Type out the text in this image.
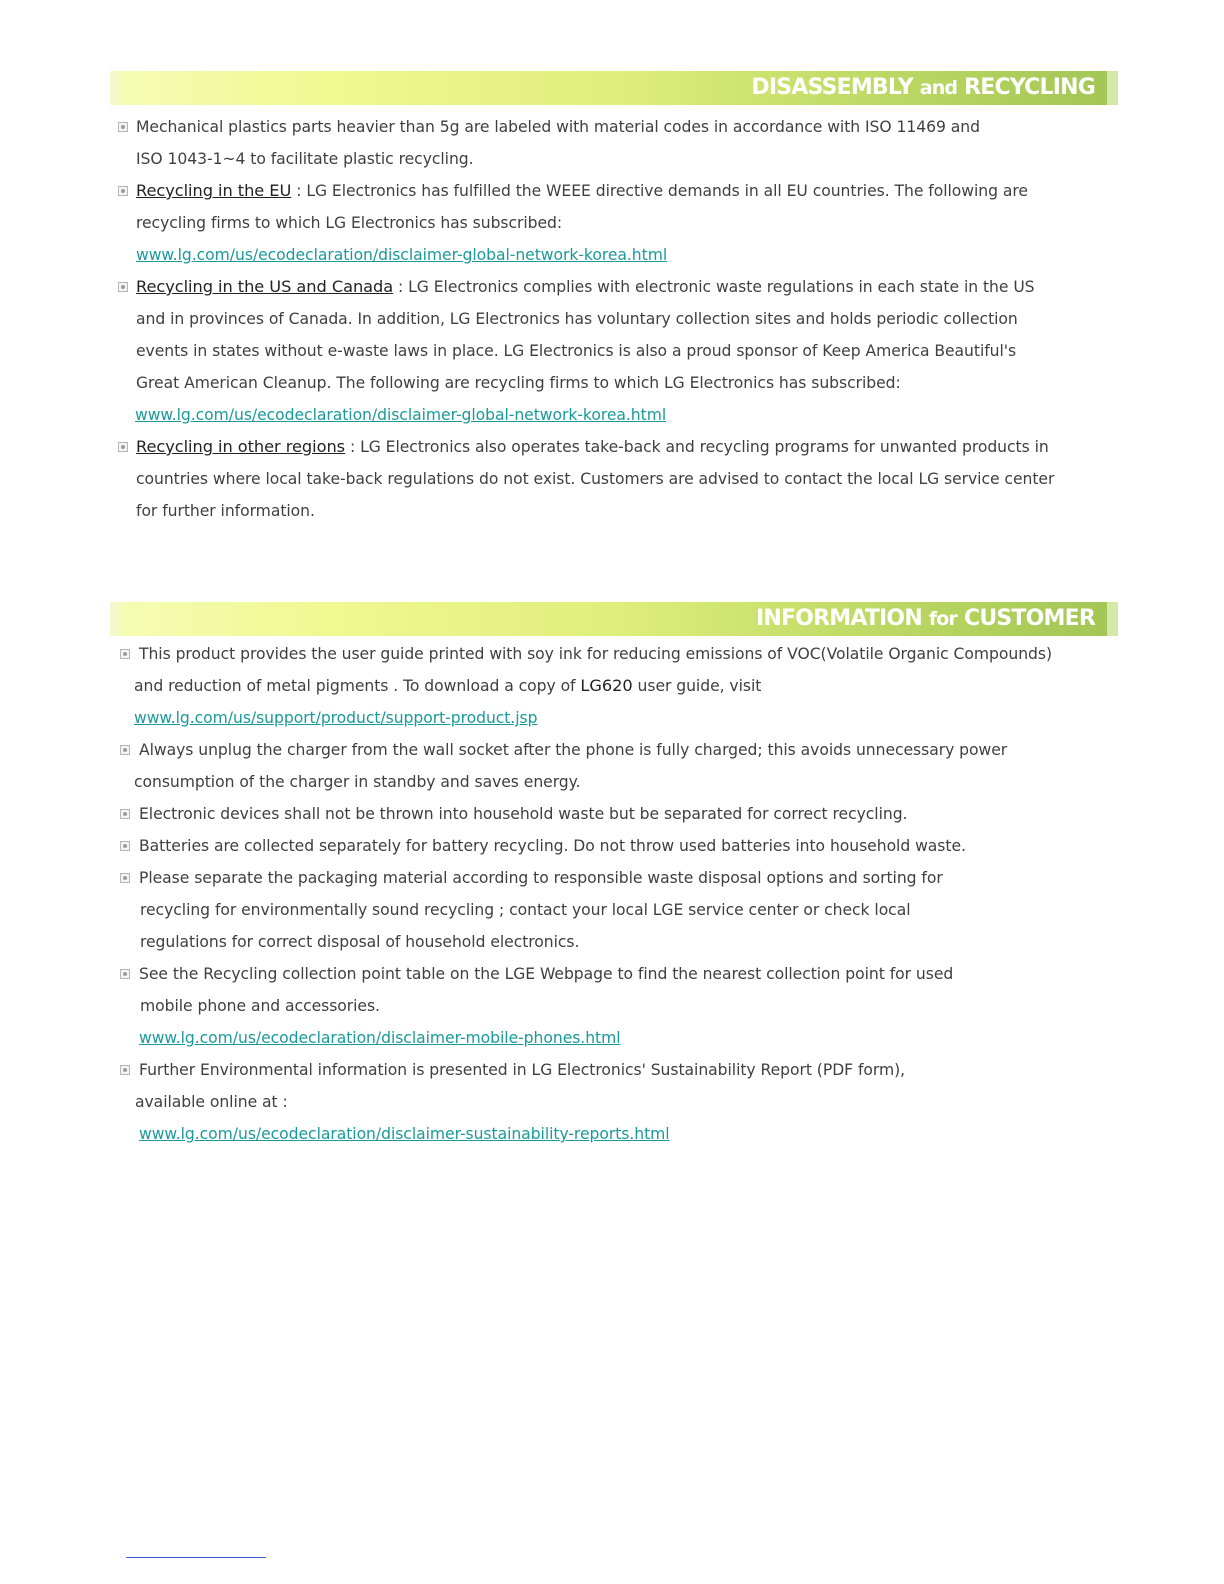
DISASSEMBLY and RECYCLING
Mechanical plastics parts heavier than 5g are labeled with material codes in accordance with ISO 11469 and
ISO 1043-1~4 to facilitate plastic recycling.
Recycling in the EU : LG Electronics has fulfilled the WEEE directive demands in all EU countries. The following are
recycling firms to which LG Electronics has subscribed:
www.lg.com/us/ecodeclaration/disclaimer-global-network-korea.html
Recycling in the US and Canada : LG Electronics complies with electronic waste regulations in each state in the US
and in provinces of Canada. In addition, LG Electronics has voluntary collection sites and holds periodic collection
events in states without e-waste laws in place. LG Electronics is also a proud sponsor of Keep America Beautiful's
Great American Cleanup. The following are recycling firms to which LG Electronics has subscribed:
www.lg.com/us/ecodeclaration/disclaimer-global-network-korea.html
Recycling in other regions : LG Electronics also operates take-back and recycling programs for unwanted products in
countries where local take-back regulations do not exist. Customers are advised to contact the local LG service center
for further information.
INFORMATION for CUSTOMER
This product provides the user guide printed with soy ink for reducing emissions of VOC(Volatile Organic Compounds)
and reduction of metal pigments . To download a copy of LG620 user guide, visit
www.lg.com/us/support/product/support-product.jsp
Always unplug the charger from the wall socket after the phone is fully charged; this avoids unnecessary power
consumption of the charger in standby and saves energy.
Electronic devices shall not be thrown into household waste but be separated for correct recycling.
Batteries are collected separately for battery recycling. Do not throw used batteries into household waste.
Please separate the packaging material according to responsible waste disposal options and sorting for
recycling for environmentally sound recycling ; contact your local LGE service center or check local
regulations for correct disposal of household electronics.
See the Recycling collection point table on the LGE Webpage to find the nearest collection point for used
mobile phone and accessories.
www.lg.com/us/ecodeclaration/disclaimer-mobile-phones.html
Further Environmental information is presented in LG Electronics' Sustainability Report (PDF form),
available online at :
www.lg.com/us/ecodeclaration/disclaimer-sustainability-reports.html
